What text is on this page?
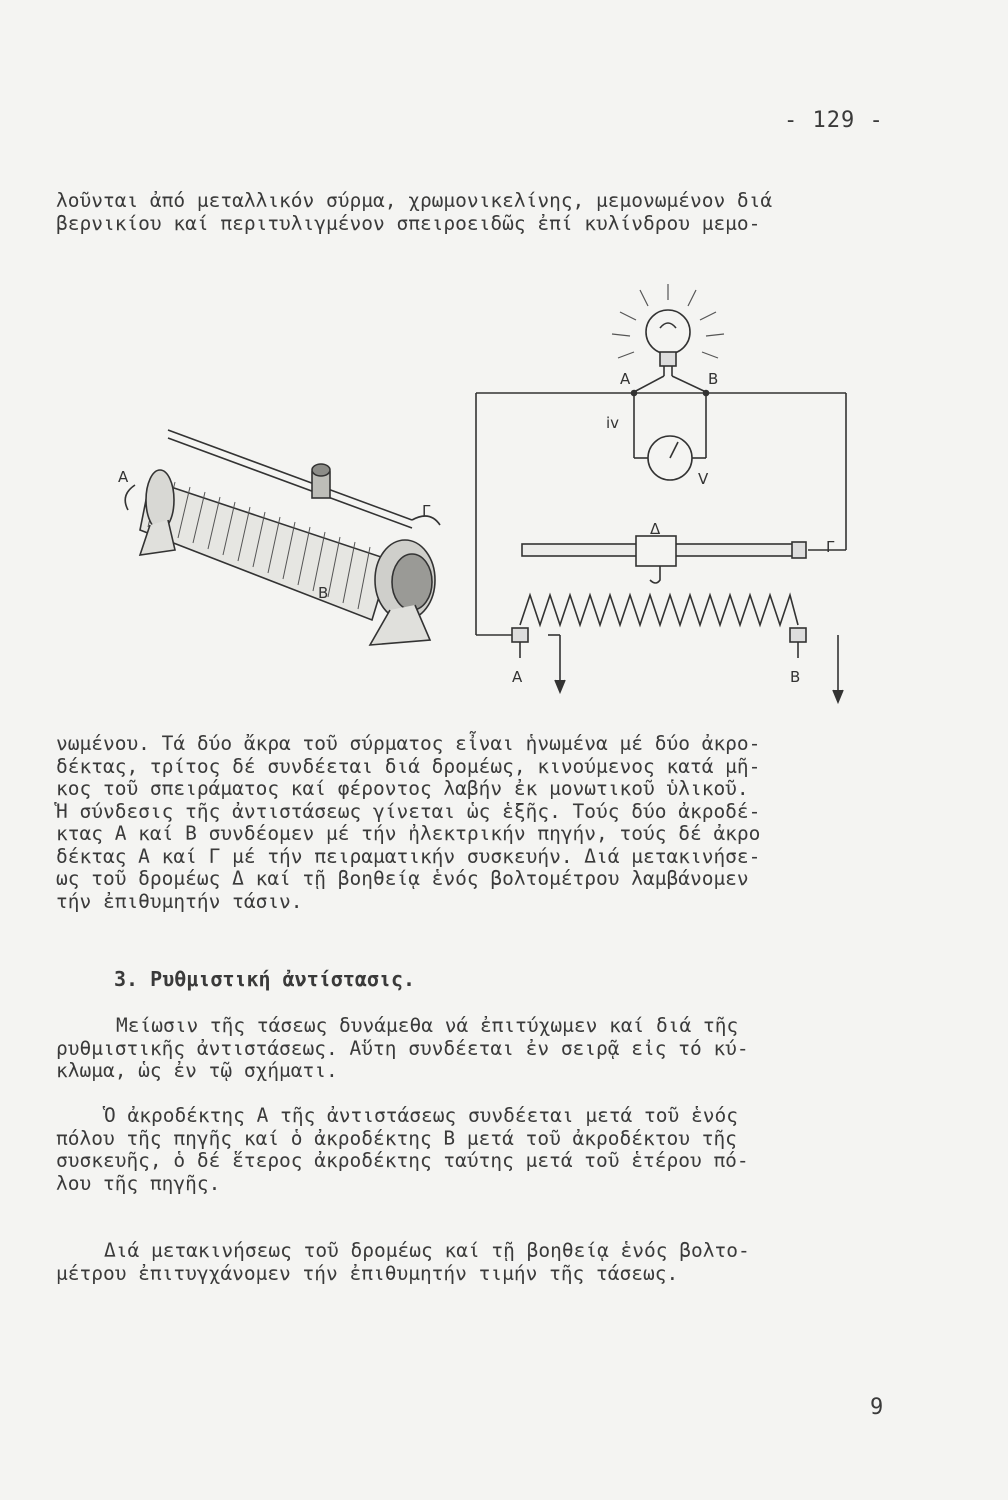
- 129 -
λοῦνται ἀπό μεταλλικόν σύρμα, χρωμονικελίνης, μεμονωμένον διά
βερνικίου καί περιτυλιγμένον σπειροειδῶς ἐπί κυλίνδρου μεμο-
A
B
Γ
A	B
iv
V
Δ
Γ
A	B
νωμένου. Τά δύο ἄκρα τοῦ σύρματος εἶναι ἡνωμένα μέ δύο ἀκρο-
δέκτας, τρίτος δέ συνδέεται διά δρομέως, κινούμενος κατά μῆ-
κος τοῦ σπειράματος καί φέροντος λαβήν ἐκ μονωτικοῦ ὑλικοῦ.
Ἡ σύνδεσις τῆς ἀντιστάσεως γίνεται ὡς ἑξῆς. Τούς δύο ἀκροδέ-
κτας Α καί Β συνδέομεν μέ τήν ἠλεκτρικήν πηγήν, τούς δέ ἀκρο
δέκτας Α καί Γ μέ τήν πειραματικήν συσκευήν. Διά μετακινήσε-
ως τοῦ δρομέως Δ καί τῇ βοηθείᾳ ἑνός βολτομέτρου λαμβάνομεν
τήν ἐπιθυμητήν τάσιν.
3. Ρυθμιστική ἀντίστασις.
Μείωσιν τῆς τάσεως δυνάμεθα νά ἐπιτύχωμεν καί διά τῆς
ρυθμιστικῆς ἀντιστάσεως. Αὕτη συνδέεται ἐν σειρᾷ εἰς τό κύ-
κλωμα, ὡς ἐν τῷ σχήματι.
Ὁ ἀκροδέκτης Α τῆς ἀντιστάσεως συνδέεται μετά τοῦ ἑνός
πόλου τῆς πηγῆς καί ὁ ἀκροδέκτης Β μετά τοῦ ἀκροδέκτου τῆς
συσκευῆς, ὁ δέ ἕτερος ἀκροδέκτης ταύτης μετά τοῦ ἑτέρου πό-
λου τῆς πηγῆς.
Διά μετακινήσεως τοῦ δρομέως καί τῇ βοηθείᾳ ἑνός βολτο-
μέτρου ἐπιτυγχάνομεν τήν ἐπιθυμητήν τιμήν τῆς τάσεως.
9
